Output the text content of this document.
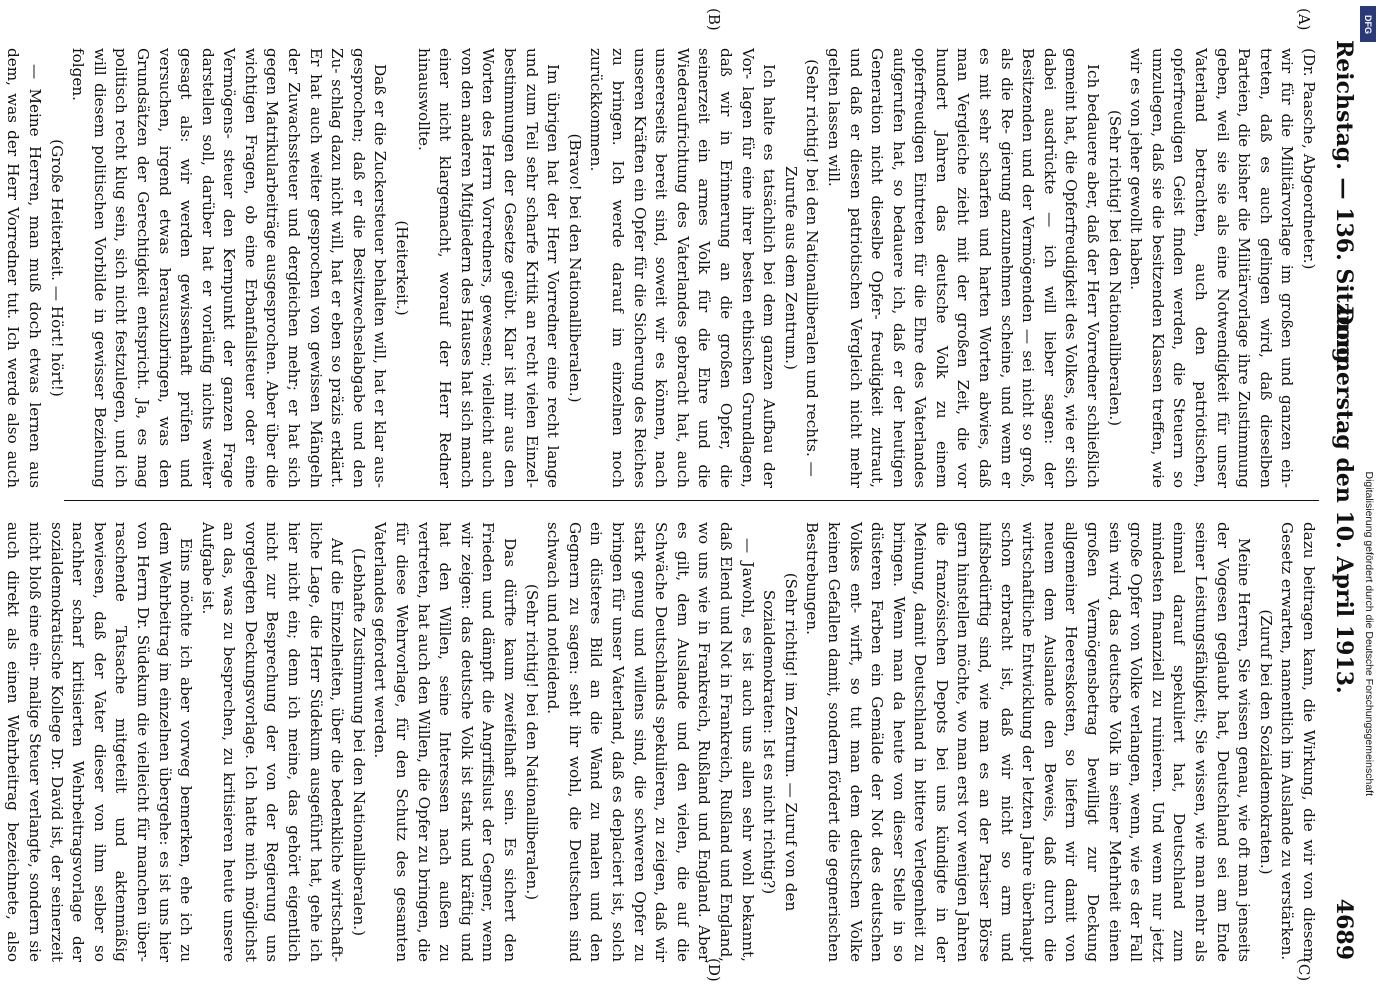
Reichstag. — 136. Sitzung.
Donnerstag den 10. April 1913.
4689
(A)
(B)
(C)
(D)

(Dr. Paasche, Abgeordneter.)

wir für die Militärvorlage im großen und ganzen ein- treten, daß es auch gelingen wird, daß dieselben Parteien, die bisher die Militärvorlage ihre Zustimmung geben, weil sie sie als eine Notwendigkeit für unser Vaterland betrachten, auch den patriotischen, opferfreudigen Geist finden werden, die Steuern so umzulegen, daß sie die besitzenden Klassen treffen, wie wir es von jeher gewollt haben.

(Sehr richtig! bei den Nationalliberalen.)

Ich bedauere aber, daß der Herr Vorredner schließlich gemeint hat, die Opferfreudigkeit des Volkes, wie er sich dabei ausdrückte — ich will lieber sagen: der Besitzenden und der Vermögenden — sei nicht so groß, als die Re- gierung anzunehmen scheine, und wenn er es mit sehr scharfen und harten Worten abwies, daß man Vergleiche zieht mit der großen Zeit, die vor hundert Jahren das deutsche Volk zu einem opferfreudigen Eintreten für die Ehre des Vaterlandes aufgerufen hat, so bedauere ich, daß er der heutigen Generation nicht dieselbe Opfer- freudigkeit zutraut, und daß er diesen patriotischen Vergleich nicht mehr gelten lassen will.

(Sehr richtig! bei den Nationalliberalen und rechts. — Zurufe aus dem Zentrum.)

Ich halte es tatsächlich bei dem ganzen Aufbau der Vor- lagen für eine ihrer besten ethischen Grundlagen, daß wir in Erinnerung an die großen Opfer, die seinerzeit ein armes Volk für die Ehre und die Wiederaufrichtung des Vaterlandes gebracht hat, auch unsererseits bereit sind, soweit wir es können, nach unseren Kräften ein Opfer für die Sicherung des Reiches zu bringen. Ich werde darauf im einzelnen noch zurückkommen.

(Bravo! bei den Nationalliberalen.)

Im übrigen hat der Herr Vorredner eine recht lange und zum Teil sehr scharfe Kritik an recht vielen Einzel- bestimmungen der Gesetze geübt. Klar ist mir aus den Worten des Herrn Vorredners, gewesen; vielleicht auch von den anderen Mitgliedern des Hauses hat sich manch einer nicht klargemacht, worauf der Herr Redner hinauswollte.

(Heiterkeit.)

Daß er die Zuckersteuer behalten will, hat er klar aus- gesprochen; daß er die Besitzwechselabgabe und den Zu- schlag dazu nicht will, hat er eben so präzis erklärt. Er hat auch weiter gesprochen von gewissen Mängeln der Zuwachssteuer und dergleichen mehr; er hat sich gegen Matrikularbeiträge ausgesprochen. Aber über die wichtigen Fragen, ob eine Erbanfallsteuer oder eine Vermögens- steuer den Kernpunkt der ganzen Frage darstellen soll, darüber hat er vorläufig nichts weiter gesagt als: wir werden gewissenhaft prüfen und versuchen, irgend etwas herauszubringen, was den Grundsätzen der Gerechtigkeit entspricht. Ja, es mag politisch recht klug sein, sich nicht festzulegen, und ich will diesem politischen Vorbilde in gewisser Beziehung folgen.

(Große Heiterkeit. — Hört! hört!)

— Meine Herren, man muß doch etwas lernen aus dem, was der Herr Vorredner tut. Ich werde also auch

dazu beitragen kann, die Wirkung, die wir von diesem Gesetz erwarten, namentlich im Auslande zu verstärken.

(Zuruf bei den Sozialdemokraten.)

Meine Herren, Sie wissen genau, wie oft man jenseits der Vogesen geglaubt hat, Deutschland sei am Ende seiner Leistungsfähigkeit; Sie wissen, wie man mehr als einmal darauf spekuliert hat, Deutschland zum mindesten finanziell zu ruinieren. Und wenn nur jetzt große Opfer von Volke verlangen, wenn, wie es der Fall sein wird, das deutsche Volk in seiner Mehrheit einen großen Vermögensbetrag bewilligt zur Deckung allgemeiner Heereskosten, so liefern wir damit von neuem dem Auslande den Beweis, daß durch die wirtschaftliche Entwicklung der letzten Jahre überhaupt schon erbracht ist, daß wir nicht so arm und hilfsbedürftig sind, wie man es an der Pariser Börse gern hinstellen möchte, wo man erst vor wenigen Jahren die französischen Depots bei uns kündigte in der Meinung, damit Deutschland in bittere Verlegenheit zu bringen. Wenn man da heute von dieser Stelle in so düsteren Farben ein Gemälde der Not des deutschen Volkes ent- wirft, so tut man dem deutschen Volke keinen Gefallen damit, sondern fördert die gegnerischen Bestrebungen.

(Sehr richtig! im Zentrum. — Zuruf von den Sozialdemokraten: Ist es nicht richtig?)

— Jawohl, es ist auch uns allen sehr wohl bekannt, daß Elend und Not in Frankreich, Rußland und England, wo uns wie in Frankreich, Rußland und England. Aber es gilt, dem Auslande und den vielen, die auf die Schwäche Deutschlands spekulieren, zu zeigen, daß wir stark genug und willens sind, die schweren Opfer zu bringen für unser Vaterland, daß es deplaciert ist, solch ein düsteres Bild an die Wand zu malen und den Gegnern zu sagen: seht ihr wohl, die Deutschen sind schwach und notleidend.

(Sehr richtig! bei den Nationalliberalen.)

Das dürfte kaum zweifelhaft sein. Es sichert den Frieden und dämpft die Angriffslust der Gegner, wenn wir zeigen: das deutsche Volk ist stark und kräftig und hat den Willen, seine Interessen nach außen zu vertreten, hat auch den Willen, die Opfer zu bringen, die für diese Wehrvorlage, für den Schutz des gesamten Vaterlandes gefordert werden.

(Lebhafte Zustimmung bei den Nationalliberalen.)

Auf die Einzelheiten, über die bedenkliche wirtschaft- liche Lage, die Herr Südekum ausgeführt hat, gehe ich hier nicht ein; denn ich meine, das gehört eigentlich nicht zur Besprechung der von der Regierung uns vorgelegten Deckungsvorlage. Ich hatte mich möglichst an das, was zu besprechen, zu kritisieren heute unsere Aufgabe ist.

Eins möchte ich aber vorweg bemerken, ehe ich zu dem Wehrbeitrag im einzelnen übergehe: es ist uns hier von Herrn Dr. Südekum die vielleicht für manchen über- raschende Tatsache mitgeteilt und aktenmäßig bewiesen, daß der Vater dieser von ihm selber so nachher scharf kritisierten Wehrbeitragsvorlage der sozialdemokratische Kollege Dr. David ist, der seinerzeit nicht bloß eine ein- malige Steuer verlangte, sondern sie auch direkt als einen Wehrbeitrag bezeichnete, also

DFG
Digitalisierung gefördert durch die Deutsche Forschungsgemeinschaft
